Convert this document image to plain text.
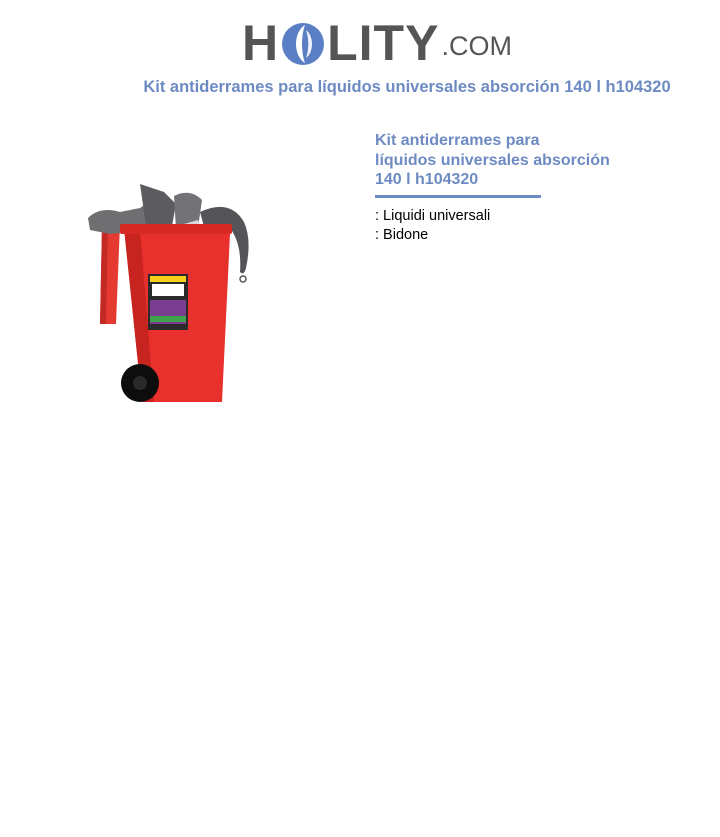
H LITY .COM
Kit antiderrames para líquidos universales absorción 140 l h104320
Kit antiderrames para
líquidos universales absorción
140 l h104320
: Liquidi universali
: Bidone
